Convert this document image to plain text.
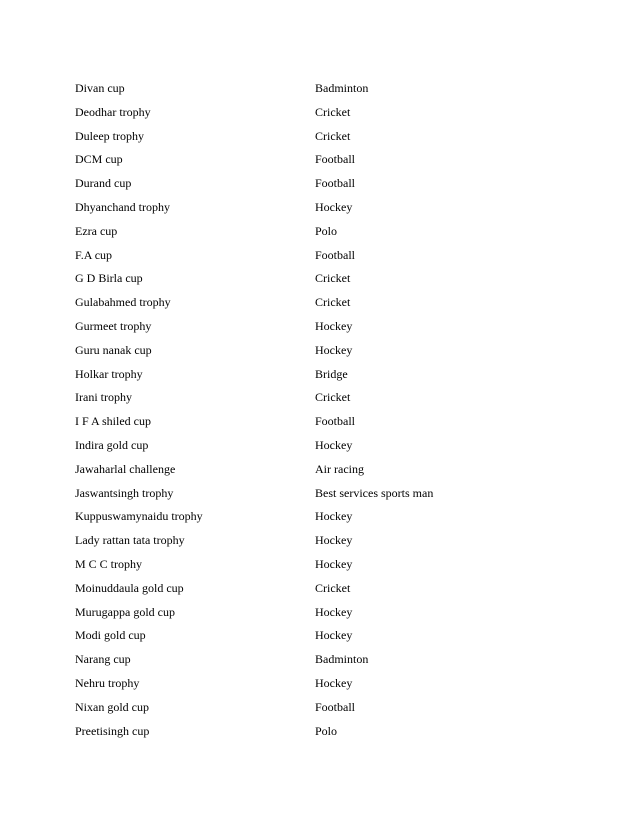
Divan cup	Badminton
Deodhar trophy	Cricket
Duleep trophy	Cricket
DCM cup	Football
Durand cup	Football
Dhyanchand trophy	Hockey
Ezra cup	Polo
F.A cup	Football
G D Birla cup	Cricket
Gulabahmed trophy	Cricket
Gurmeet trophy	Hockey
Guru nanak cup	Hockey
Holkar trophy	Bridge
Irani trophy	Cricket
I F A shiled cup	Football
Indira gold cup	Hockey
Jawaharlal challenge	Air racing
Jaswantsingh trophy	Best services sports man
Kuppuswamynaidu trophy	Hockey
Lady rattan tata trophy	Hockey
M C C trophy	Hockey
Moinuddaula gold cup	Cricket
Murugappa gold cup	Hockey
Modi gold cup	Hockey
Narang cup	Badminton
Nehru trophy	Hockey
Nixan gold cup	Football
Preetisingh cup	Polo
